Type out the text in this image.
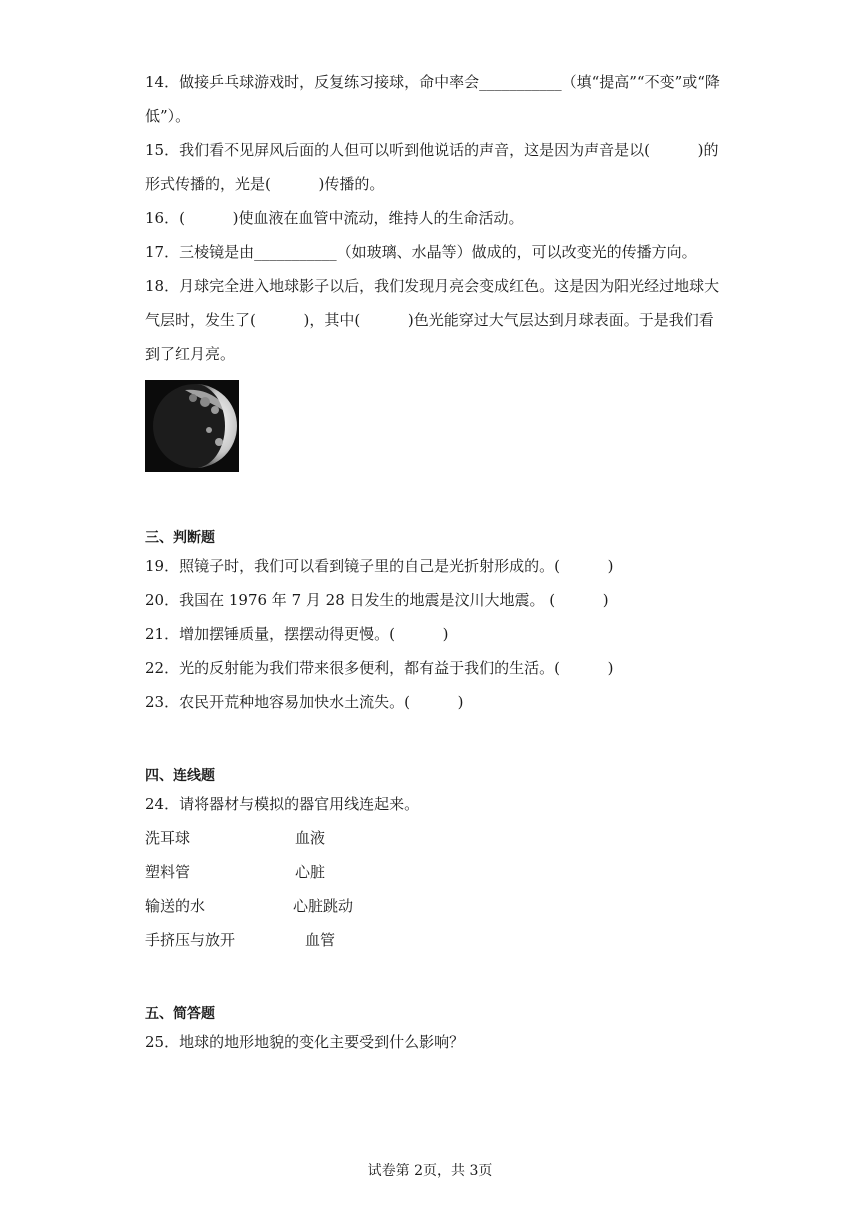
14．做接乒乓球游戏时，反复练习接球，命中率会___________（填“提高”“不变”或“降
低”）。
15．我们看不见屏风后面的人但可以听到他说话的声音，这是因为声音是以(          )的
形式传播的，光是(          )传播的。
16．(          )使血液在血管中流动，维持人的生命活动。
17．三棱镜是由___________（如玻璃、水晶等）做成的，可以改变光的传播方向。
18．月球完全进入地球影子以后，我们发现月亮会变成红色。这是因为阳光经过地球大
气层时，发生了(          )，其中(          )色光能穿过大气层达到月球表面。于是我们看
到了红月亮。
三、判断题
19．照镜子时，我们可以看到镜子里的自己是光折射形成的。(          )
20．我国在 1976 年 7 月 28 日发生的地震是汶川大地震。 (          )
21．增加摆锤质量，摆摆动得更慢。(          )
22．光的反射能为我们带来很多便利，都有益于我们的生活。(          )
23．农民开荒种地容易加快水土流失。(          )
四、连线题
24．请将器材与模拟的器官用线连起来。
洗耳球	血液
塑料管	心脏
输送的水	心脏跳动
手挤压与放开	血管
五、简答题
25．地球的地形地貌的变化主要受到什么影响？
试卷第 2页，共 3页
